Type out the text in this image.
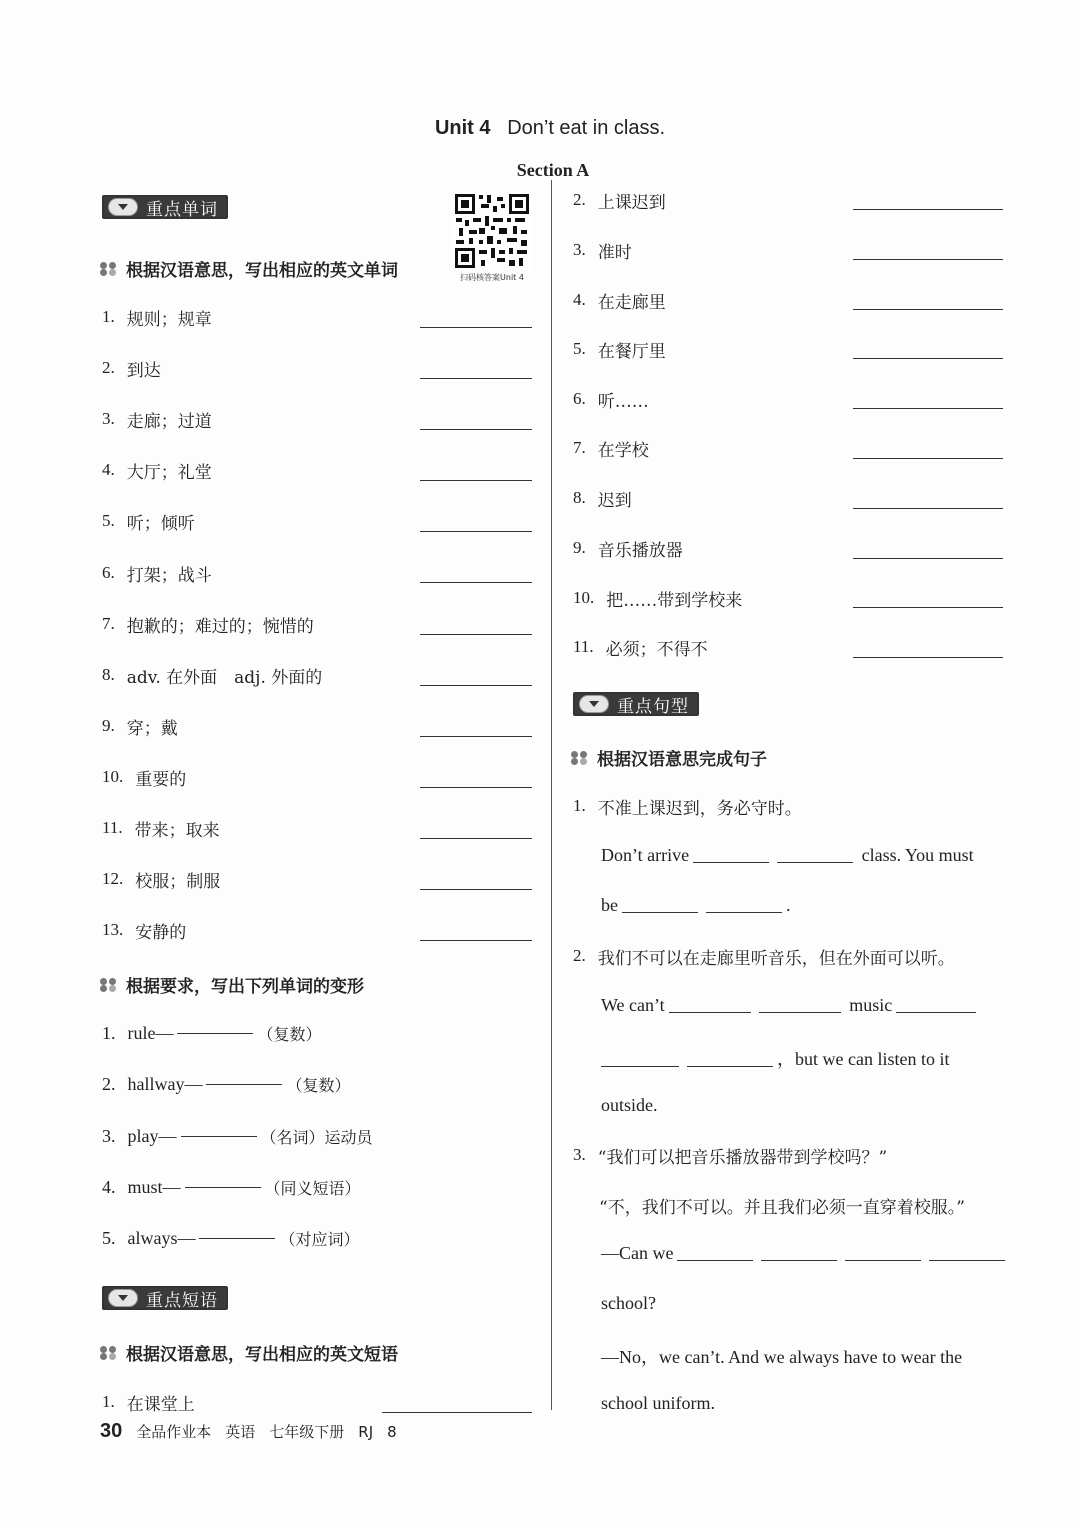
Unit 4 Don’t eat in class.
Section A
扫码核答案Unit 4
重点单词
根据汉语意思，写出相应的英文单词
1. 规则；规章
2. 到达
3. 走廊；过道
4. 大厅；礼堂
5. 听；倾听
6. 打架；战斗
7. 抱歉的；难过的；惋惜的
8. adv. 在外面　adj. 外面的
9. 穿；戴
10. 重要的
11. 带来；取来
12. 校服；制服
13. 安静的
根据要求，写出下列单词的变形
1. rule—	（复数）
2. hallway—	（复数）
3. play—	（名词）运动员
4. must—	（同义短语）
5. always—	（对应词）
重点短语
根据汉语意思，写出相应的英文短语
1. 在课堂上
2. 上课迟到
3. 准时
4. 在走廊里
5. 在餐厅里
6. 听……
7. 在学校
8. 迟到
9. 音乐播放器
10. 把……带到学校来
11. 必须；不得不
重点句型
根据汉语意思完成句子
1. 不准上课迟到，务必守时。
Don’t arrive	class. You must
be	.
2. 我们不可以在走廊里听音乐，但在外面可以听。
We can’t	music
，but we can listen to it
outside.
3. “我们可以把音乐播放器带到学校吗？”
“不，我们不可以。并且我们必须一直穿着校服。”
—Can we
school?
—No，we can’t. And we always have to wear the
school uniform.
30 全品作业本 英语 七年级下册 RJ 8
